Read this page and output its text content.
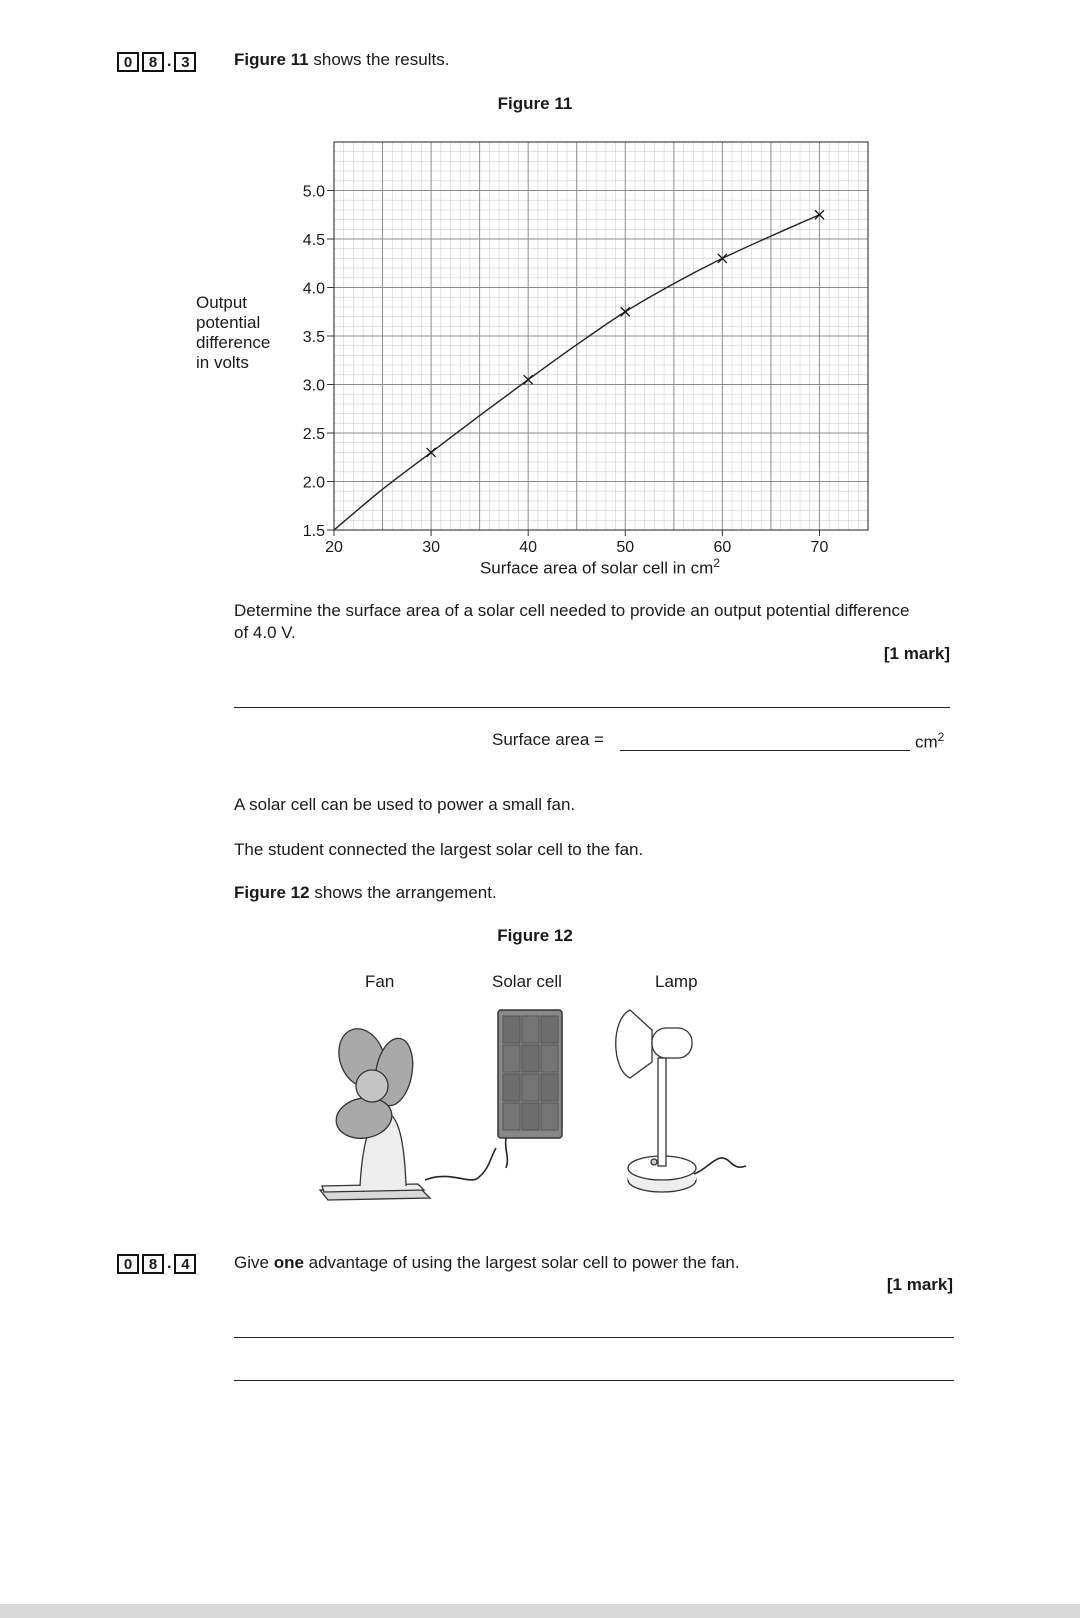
0	8 . 3	Figure 11 shows the results.
Figure 11
Output
potential
difference
in volts
1.5
2.0
2.5
3.0
3.5
4.0
4.5
5.0
20	30	40	50	60	70
Surface area of solar cell in $cm^2$
Determine the surface area of a solar cell needed to provide an output potential difference of 4.0 V.
[1 mark]
Surface area =	$cm^2$
A solar cell can be used to power a small fan.
The student connected the largest solar cell to the fan.
Figure 12 shows the arrangement.
Figure 12
Fan	Solar cell	Lamp
0	8 . 4	Give one advantage of using the largest solar cell to power the fan.
[1 mark]
